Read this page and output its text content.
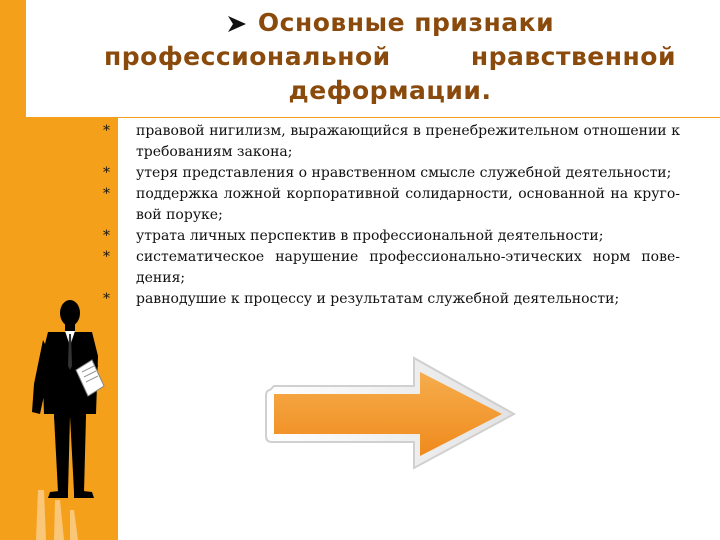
Основные признаки
профессиональной	нравственной
деформации.
* правовой нигилизм, выражающийся в пренебрежительном отношении к требованиям закона;
* утеря представления о нравственном смысле служебной деятельности;
* поддержка ложной корпоративной солидарности, основанной на круго-вой поруке;
* утрата личных перспектив в профессиональной деятельности;
* систематическое нарушение профессионально-этических норм пове-дения;
* равнодушие к процессу и результатам служебной деятельности;
